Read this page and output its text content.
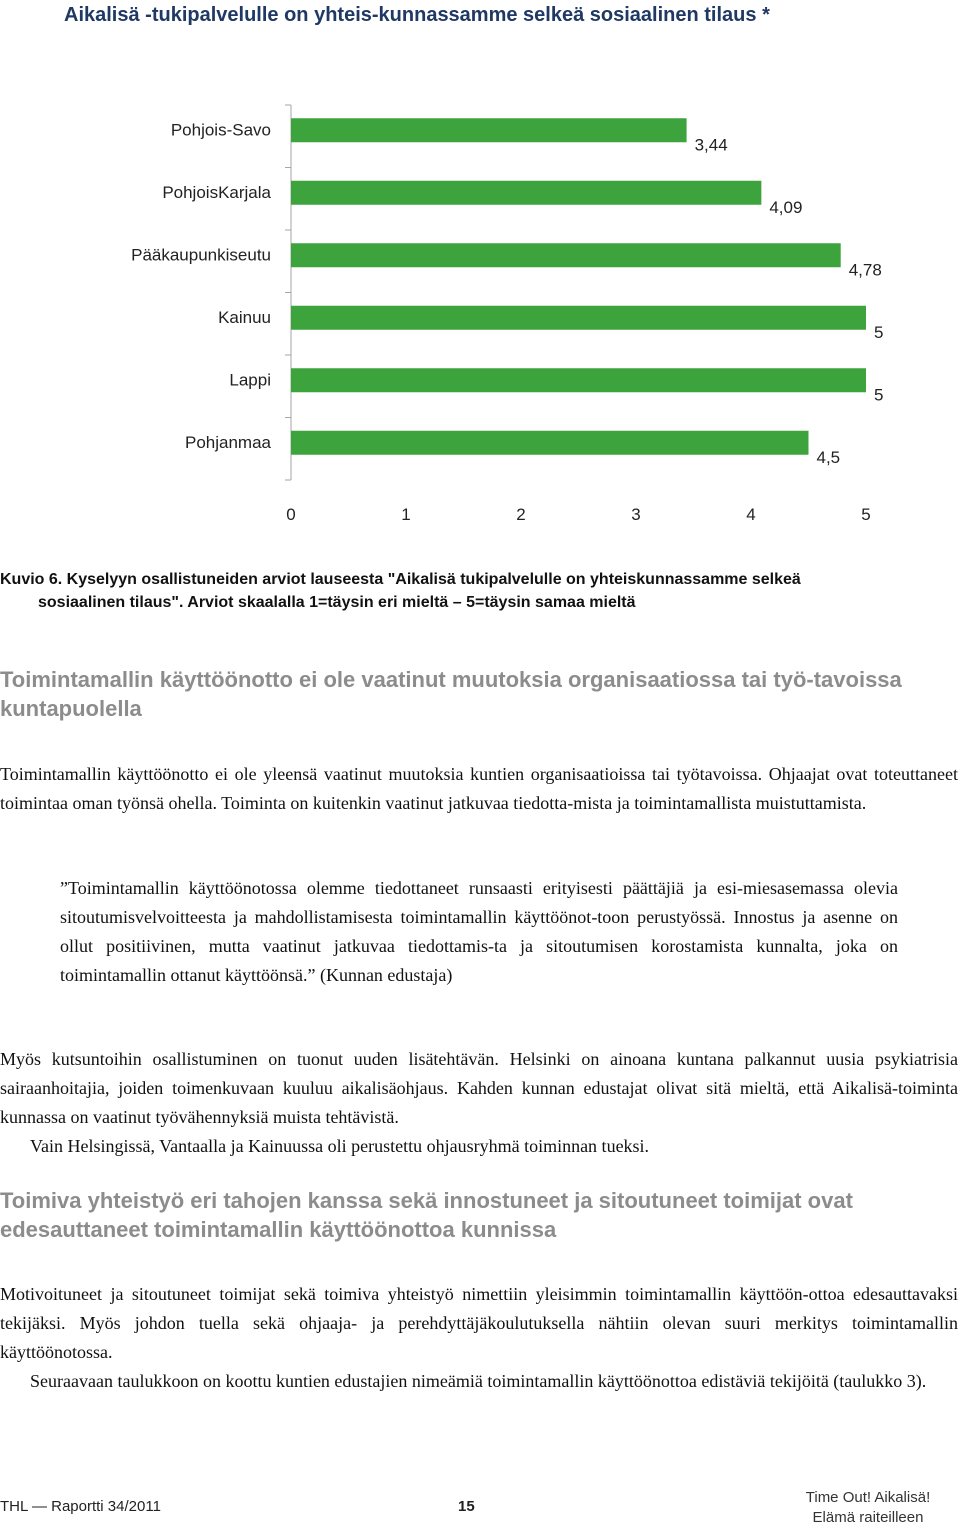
Aikalisä -tukipalvelulle on yhteis-kunnassamme selkeä sosiaalinen tilaus *
Pohjois-Savo
3,44
PohjoisKarjala
4,09
Pääkaupunkiseutu
4,78
Kainuu
5
Lappi
5
Pohjanmaa
4,5
0	1	2	3	4	5
Kuvio 6. Kyselyyn osallistuneiden arviot lauseesta "Aikalisä tukipalvelulle on yhteiskunnassamme selkeä
sosiaalinen tilaus". Arviot skaalalla 1=täysin eri mieltä – 5=täysin samaa mieltä
Toimintamallin käyttöönotto ei ole vaatinut muutoksia organisaatiossa tai työ-tavoissa kuntapuolella
Toimintamallin käyttöönotto ei ole yleensä vaatinut muutoksia kuntien organisaatioissa tai työtavoissa. Ohjaajat ovat toteuttaneet toimintaa oman työnsä ohella. Toiminta on kuitenkin vaatinut jatkuvaa tiedotta-mista ja toimintamallista muistuttamista.
”Toimintamallin käyttöönotossa olemme tiedottaneet runsaasti erityisesti päättäjiä ja esi-miesasemassa olevia sitoutumisvelvoitteesta ja mahdollistamisesta toimintamallin käyttöönot-toon perustyössä. Innostus ja asenne on ollut positiivinen, mutta vaatinut jatkuvaa tiedottamis-ta ja sitoutumisen korostamista kunnalta, joka on toimintamallin ottanut käyttöönsä.” (Kunnan edustaja)
Myös kutsuntoihin osallistuminen on tuonut uuden lisätehtävän. Helsinki on ainoana kuntana palkannut uusia psykiatrisia sairaanhoitajia, joiden toimenkuvaan kuuluu aikalisäohjaus. Kahden kunnan edustajat olivat sitä mieltä, että Aikalisä-toiminta kunnassa on vaatinut työvähennyksiä muista tehtävistä.
Vain Helsingissä, Vantaalla ja Kainuussa oli perustettu ohjausryhmä toiminnan tueksi.
Toimiva yhteistyö eri tahojen kanssa sekä innostuneet ja sitoutuneet toimijat ovat edesauttaneet toimintamallin käyttöönottoa kunnissa
Motivoituneet ja sitoutuneet toimijat sekä toimiva yhteistyö nimettiin yleisimmin toimintamallin käyttöön-ottoa edesauttavaksi tekijäksi. Myös johdon tuella sekä ohjaaja- ja perehdyttäjäkoulutuksella nähtiin olevan suuri merkitys toimintamallin käyttöönotossa.
Seuraavaan taulukkoon on koottu kuntien edustajien nimeämiä toimintamallin käyttöönottoa edistäviä tekijöitä (taulukko 3).
THL — Raportti 34/2011	15
Time Out! Aikalisä!
Elämä raiteilleen
